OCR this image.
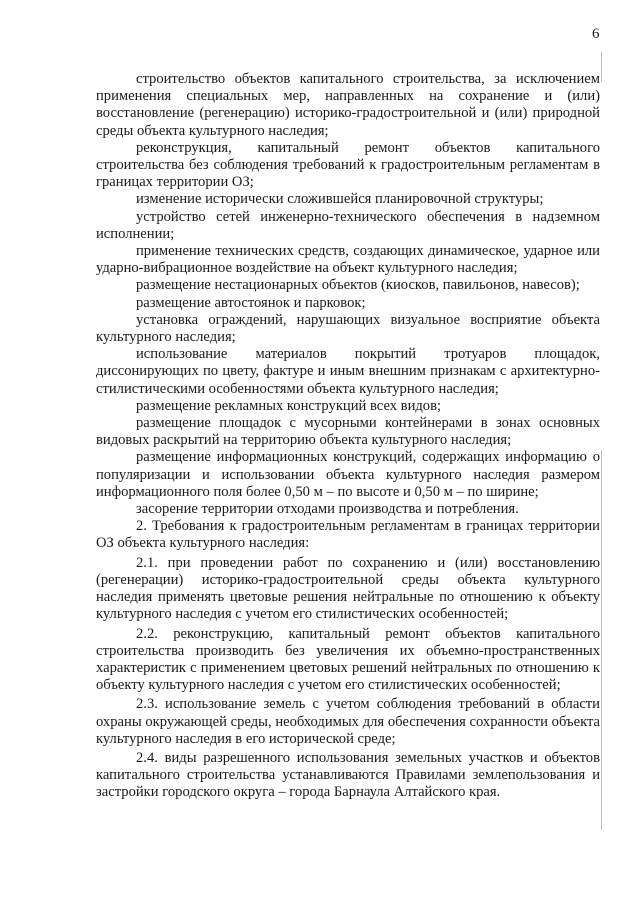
6

строительство объектов капитального строительства, за исключением применения специальных мер, направленных на сохранение и (или) восстановление (регенерацию) историко-градостроительной и (или) природной среды объекта культурного наследия;

реконструкция, капитальный ремонт объектов капитального строительства без соблюдения требований к градостроительным регламентам в границах территории ОЗ;

изменение исторически сложившейся планировочной структуры;

устройство сетей инженерно-технического обеспечения в надземном исполнении;

применение технических средств, создающих динамическое, ударное или ударно-вибрационное воздействие на объект культурного наследия;

размещение нестационарных объектов (киосков, павильонов, навесов);

размещение автостоянок и парковок;

установка ограждений, нарушающих визуальное восприятие объекта культурного наследия;

использование материалов покрытий тротуаров площадок, диссонирующих по цвету, фактуре и иным внешним признакам с архитектурно-стилистическими особенностями объекта культурного наследия;

размещение рекламных конструкций всех видов;

размещение площадок с мусорными контейнерами в зонах основных видовых раскрытий на территорию объекта культурного наследия;

размещение информационных конструкций, содержащих информацию о популяризации и использовании объекта культурного наследия размером информационного поля более 0,50 м – по высоте и 0,50 м – по ширине;

засорение территории отходами производства и потребления.

2. Требования к градостроительным регламентам в границах территории ОЗ объекта культурного наследия:

2.1. при проведении работ по сохранению и (или) восстановлению (регенерации) историко-градостроительной среды объекта культурного наследия применять цветовые решения нейтральные по отношению к объекту культурного наследия с учетом его стилистических особенностей;

2.2. реконструкцию, капитальный ремонт объектов капитального строительства производить без увеличения их объемно-пространственных характеристик с применением цветовых решений нейтральных по отношению к объекту культурного наследия с учетом его стилистических особенностей;

2.3. использование земель с учетом соблюдения требований в области охраны окружающей среды, необходимых для обеспечения сохранности объекта культурного наследия в его исторической среде;

2.4. виды разрешенного использования земельных участков и объектов капитального строительства устанавливаются Правилами землепользования и застройки городского округа – города Барнаула Алтайского края.
